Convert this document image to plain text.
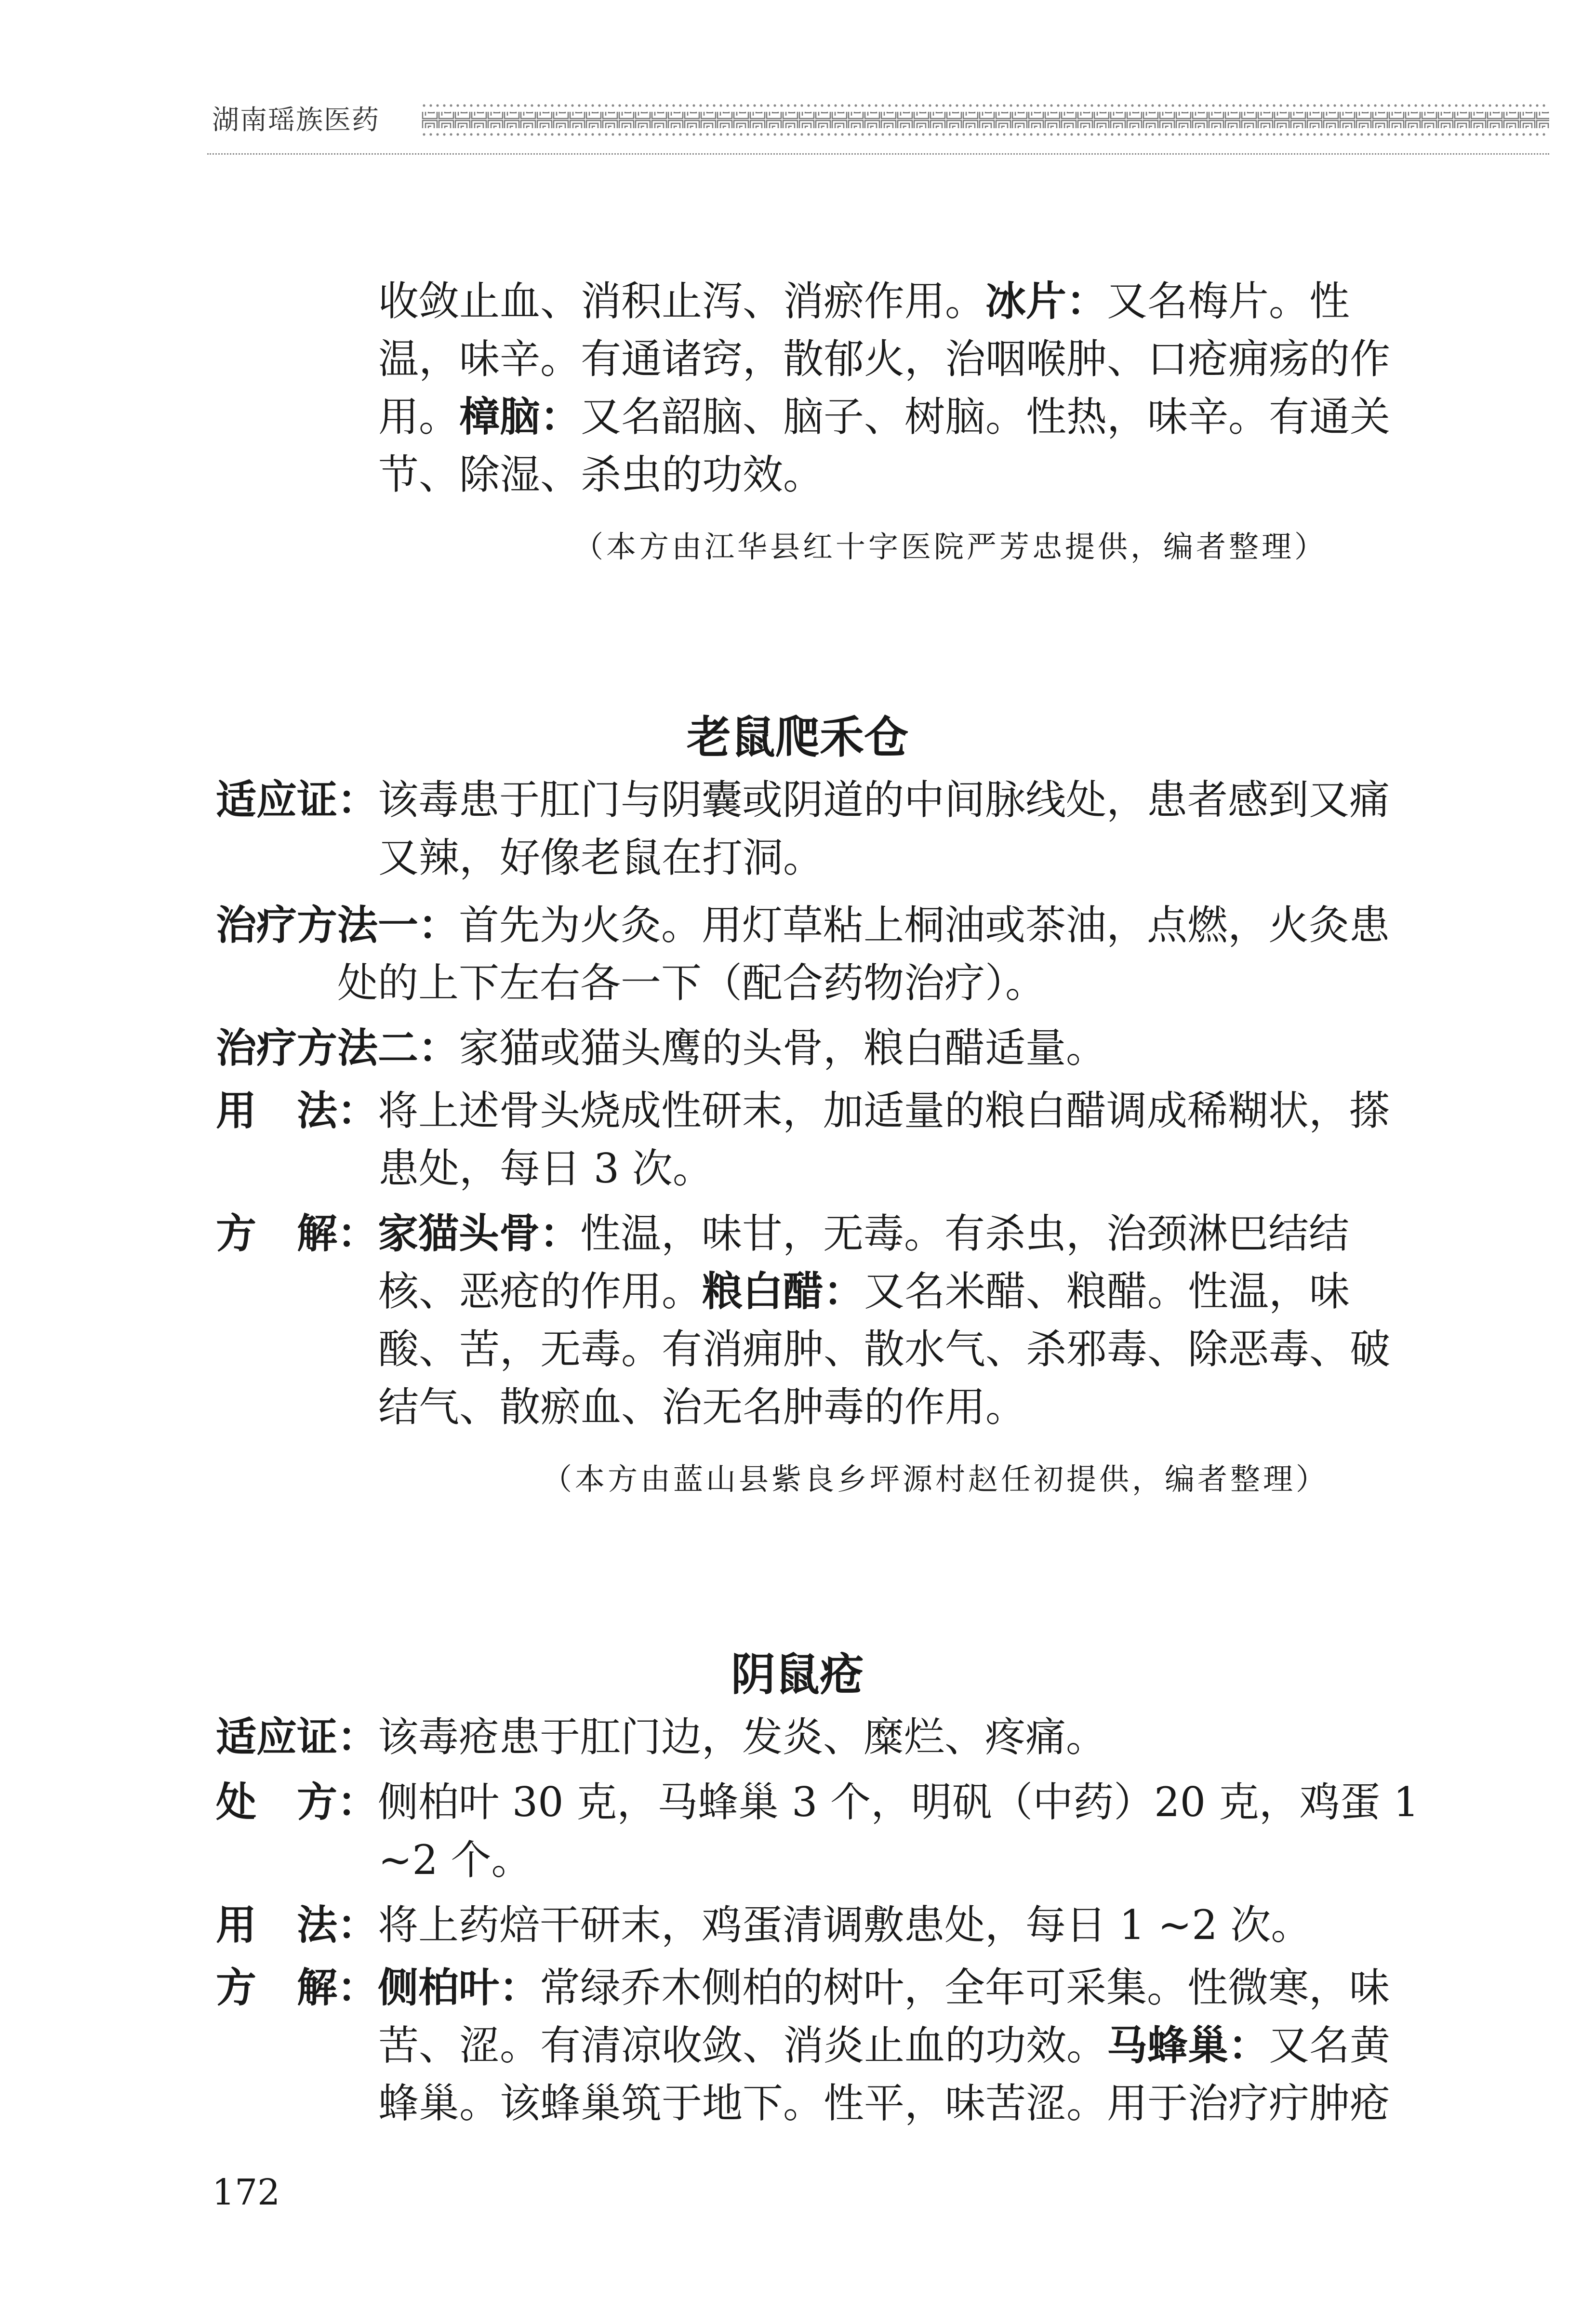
湖南瑶族医药
收敛止血、消积止泻、消瘀作用。冰片：又名梅片。性
温，味辛。有通诸窍，散郁火，治咽喉肿、口疮痈疡的作
用。樟脑：又名韶脑、脑子、树脑。性热，味辛。有通关
节、除湿、杀虫的功效。
（本方由江华县红十字医院严芳忠提供，编者整理）
老鼠爬禾仓
适应证：该毒患于肛门与阴囊或阴道的中间脉线处，患者感到又痛
又辣，好像老鼠在打洞。
治疗方法一：首先为火灸。用灯草粘上桐油或茶油，点燃，火灸患
处的上下左右各一下（配合药物治疗）。
治疗方法二：家猫或猫头鹰的头骨，粮白醋适量。
用　法：将上述骨头烧成性研末，加适量的粮白醋调成稀糊状，搽
患处，每日 3 次。
方　解：家猫头骨：性温，味甘，无毒。有杀虫，治颈淋巴结结
核、恶疮的作用。粮白醋：又名米醋、粮醋。性温，味
酸、苦，无毒。有消痈肿、散水气、杀邪毒、除恶毒、破
结气、散瘀血、治无名肿毒的作用。
（本方由蓝山县紫良乡坪源村赵任初提供，编者整理）
阴鼠疮
适应证：该毒疮患于肛门边，发炎、糜烂、疼痛。
处　方：侧柏叶 30 克，马蜂巢 3 个，明矾（中药）20 克，鸡蛋 1
~2 个。
用　法：将上药焙干研末，鸡蛋清调敷患处，每日 1 ~2 次。
方　解：侧柏叶：常绿乔木侧柏的树叶，全年可采集。性微寒，味
苦、涩。有清凉收敛、消炎止血的功效。马蜂巢：又名黄
蜂巢。该蜂巢筑于地下。性平，味苦涩。用于治疗疔肿疮
172
